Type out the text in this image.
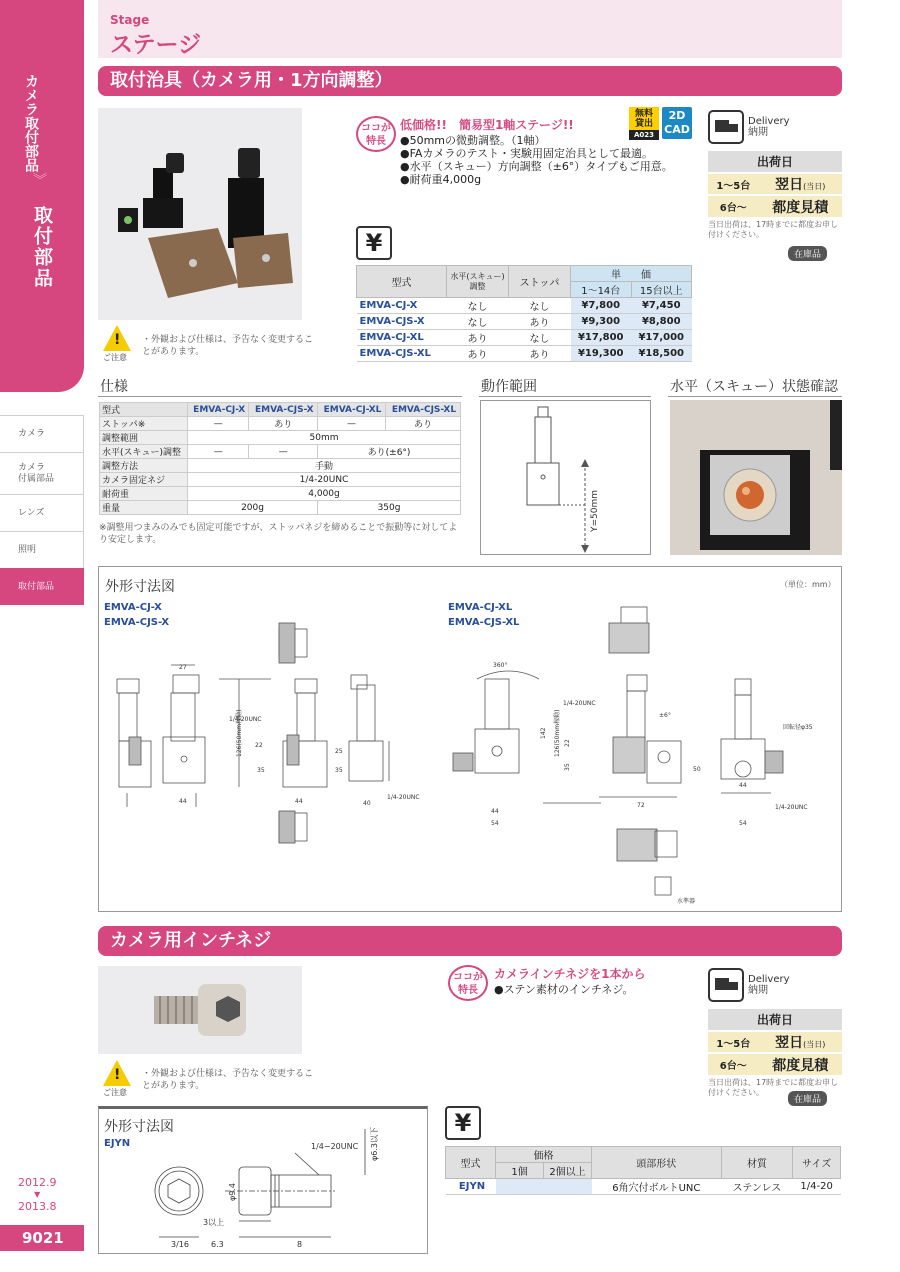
カメラ取付部品
︾
取付部品
カメラ
カメラ
付属部品
レンズ
照明
取付部品
2012.9
▼
2013.8
9021
Stage
ステージ
取付治具（カメラ用・1方向調整）
!
ご注意
・外観および仕様は、予告なく変更することがあります。
ココが
特長
低価格!!　簡易型1軸ステージ!!
●50mmの微動調整。（1軸）
●FAカメラのテスト・実験用固定治具として最適。
●水平（スキュー）方向調整（±6°）タイプもご用意。
●耐荷重4,000g
無料
貸出
A023
2D
CAD
Delivery
納期
出荷日	
1～5台	翌日(当日)
6台～	都度見積
当日出荷は、17時までに都度お申し付けください。
在庫品
¥
型式	水平(スキュー)
調整	ストッパ	単　　価	
			1～14台	15台以上
EMVA-CJ-X	なし	なし	¥7,800	¥7,450
EMVA-CJS-X	なし	あり	¥9,300	¥8,800
EMVA-CJ-XL	あり	なし	¥17,800	¥17,000
EMVA-CJS-XL	あり	あり	¥19,300	¥18,500
仕様
型式	EMVA-CJ-X	EMVA-CJS-X	EMVA-CJ-XL	EMVA-CJS-XL
ストッパ※	—	あり	—	あり
調整範囲	50mm			
水平(スキュー)調整	—	—	あり(±6°)	
調整方法	手動			
カメラ固定ネジ	1/4-20UNC			
耐荷重	4,000g			
重量	200g		350g	
※調整用つまみのみでも固定可能ですが、ストッパネジを締めることで振動等に対してより安定します。
動作範囲
Y=50mm
水平（スキュー）状態確認
27
44	44	40
35
22
35
25
126(50mm稼動)
1/4-20UNC
1/4-20UNC
360°
142 126(50mm稼動)
1/4-20UNC
22
35
44
54
72
±6°
50
回転径φ35
44
54
1/4-20UNC
水準器
外形寸法図	（単位：mm）
EMVA-CJ-X
EMVA-CJS-X
EMVA-CJ-XL
EMVA-CJS-XL
カメラ用インチネジ
!
ご注意
・外観および仕様は、予告なく変更することがあります。
ココが
特長
カメラインチネジを1本から
●ステン素材のインチネジ。
Delivery
納期
出荷日	
1～5台	翌日(当日)
6台～	都度見積
当日出荷は、17時までに都度お申し付けください。
在庫品
1/4−20UNC φ6.3以下
φ9.4
3以上
3/16	6.3	8
外形寸法図
EJYN
¥
型式	価格		頭部形状	材質	サイズ
	1個	2個以上			
EJYN			6角穴付ボルトUNC	ステンレス	1/4-20
